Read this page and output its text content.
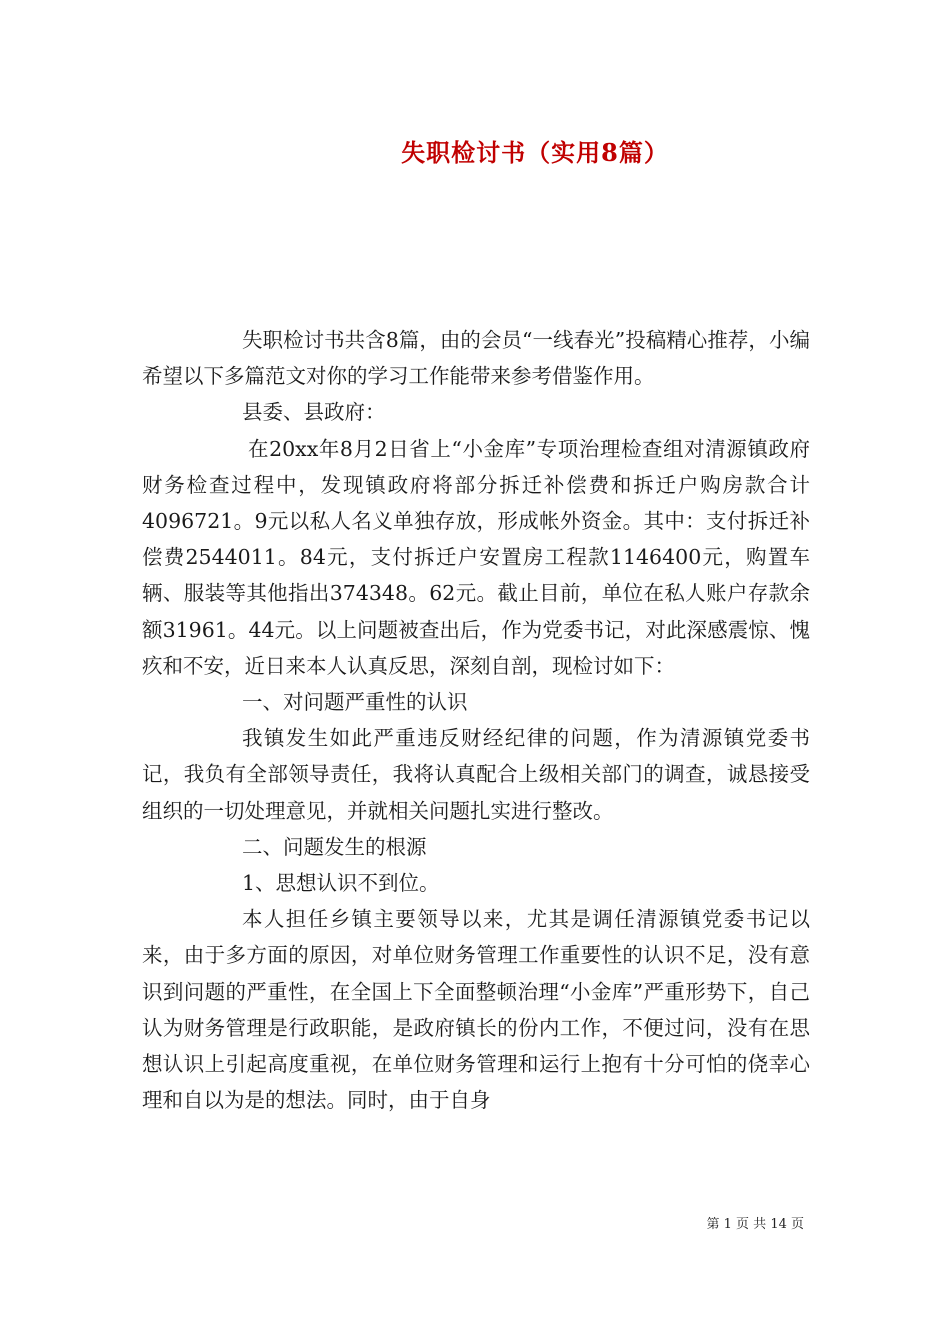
失职检讨书（实用8篇）

失职检讨书共含8篇，由的会员“一线春光”投稿精心推荐，小编希望以下多篇范文对你的学习工作能带来参考借鉴作用。

县委、县政府：

在20xx年8月2日省上“小金库”专项治理检查组对清源镇政府财务检查过程中，发现镇政府将部分拆迁补偿费和拆迁户购房款合计4096721。9元以私人名义单独存放，形成帐外资金。其中：支付拆迁补偿费2544011。84元，支付拆迁户安置房工程款1146400元，购置车辆、服装等其他指出374348。62元。截止目前，单位在私人账户存款余额31961。44元。以上问题被查出后，作为党委书记，对此深感震惊、愧疚和不安，近日来本人认真反思，深刻自剖，现检讨如下：

一、对问题严重性的认识

我镇发生如此严重违反财经纪律的问题，作为清源镇党委书记，我负有全部领导责任，我将认真配合上级相关部门的调查，诚恳接受组织的一切处理意见，并就相关问题扎实进行整改。

二、问题发生的根源

1、思想认识不到位。

本人担任乡镇主要领导以来，尤其是调任清源镇党委书记以来，由于多方面的原因，对单位财务管理工作重要性的认识不足，没有意识到问题的严重性，在全国上下全面整顿治理“小金库”严重形势下，自己认为财务管理是行政职能，是政府镇长的份内工作，不便过问，没有在思想认识上引起高度重视，在单位财务管理和运行上抱有十分可怕的侥幸心理和自以为是的想法。同时，由于自身

第 1 页 共 14 页
